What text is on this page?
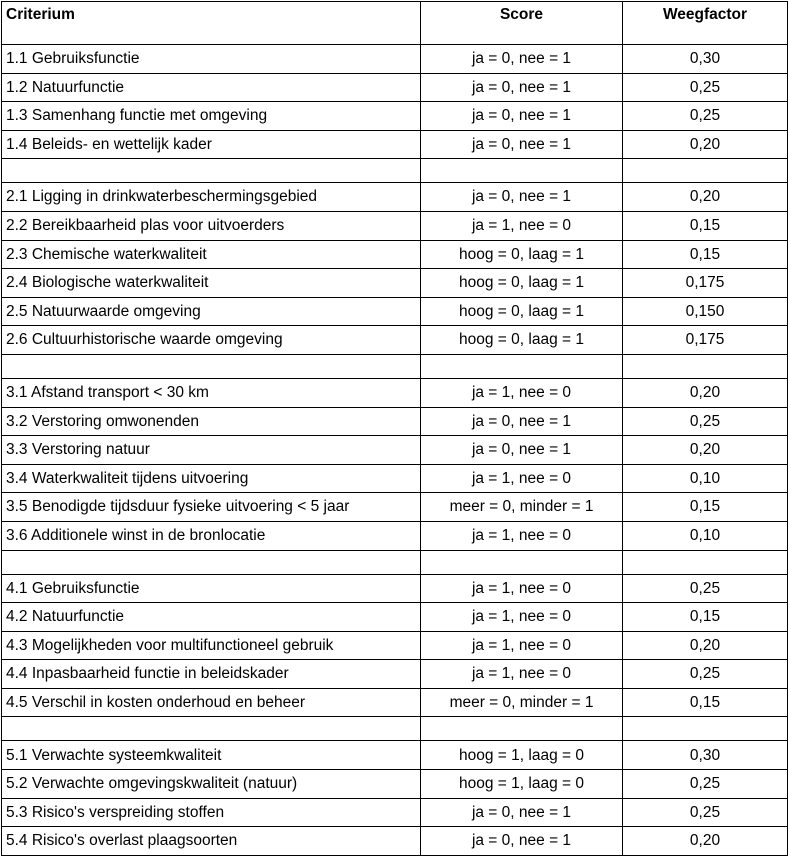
Criterium	Score	Weegfactor
1.1 Gebruiksfunctie	ja = 0, nee = 1	0,30
1.2 Natuurfunctie	ja = 0, nee = 1	0,25
1.3 Samenhang functie met omgeving	ja = 0, nee = 1	0,25
1.4 Beleids- en wettelijk kader	ja = 0, nee = 1	0,20

2.1 Ligging in drinkwaterbeschermingsgebied	ja = 0, nee = 1	0,20
2.2 Bereikbaarheid plas voor uitvoerders	ja = 1, nee = 0	0,15
2.3 Chemische waterkwaliteit	hoog = 0, laag = 1	0,15
2.4 Biologische waterkwaliteit	hoog = 0, laag = 1	0,175
2.5 Natuurwaarde omgeving	hoog = 0, laag = 1	0,150
2.6 Cultuurhistorische waarde omgeving	hoog = 0, laag = 1	0,175

3.1 Afstand transport < 30 km	ja = 1, nee = 0	0,20
3.2 Verstoring omwonenden	ja = 0, nee = 1	0,25
3.3 Verstoring natuur	ja = 0, nee = 1	0,20
3.4 Waterkwaliteit tijdens uitvoering	ja = 1, nee = 0	0,10
3.5 Benodigde tijdsduur fysieke uitvoering < 5 jaar	meer = 0, minder = 1	0,15
3.6 Additionele winst in de bronlocatie	ja = 1, nee = 0	0,10

4.1 Gebruiksfunctie	ja = 1, nee = 0	0,25
4.2 Natuurfunctie	ja = 1, nee = 0	0,15
4.3 Mogelijkheden voor multifunctioneel gebruik	ja = 1, nee = 0	0,20
4.4 Inpasbaarheid functie in beleidskader	ja = 1, nee = 0	0,25
4.5 Verschil in kosten onderhoud en beheer	meer = 0, minder = 1	0,15

5.1 Verwachte systeemkwaliteit	hoog = 1, laag = 0	0,30
5.2 Verwachte omgevingskwaliteit (natuur)	hoog = 1, laag = 0	0,25
5.3 Risico's verspreiding stoffen	ja = 0, nee = 1	0,25
5.4 Risico's overlast plaagsoorten	ja = 0, nee = 1	0,20
